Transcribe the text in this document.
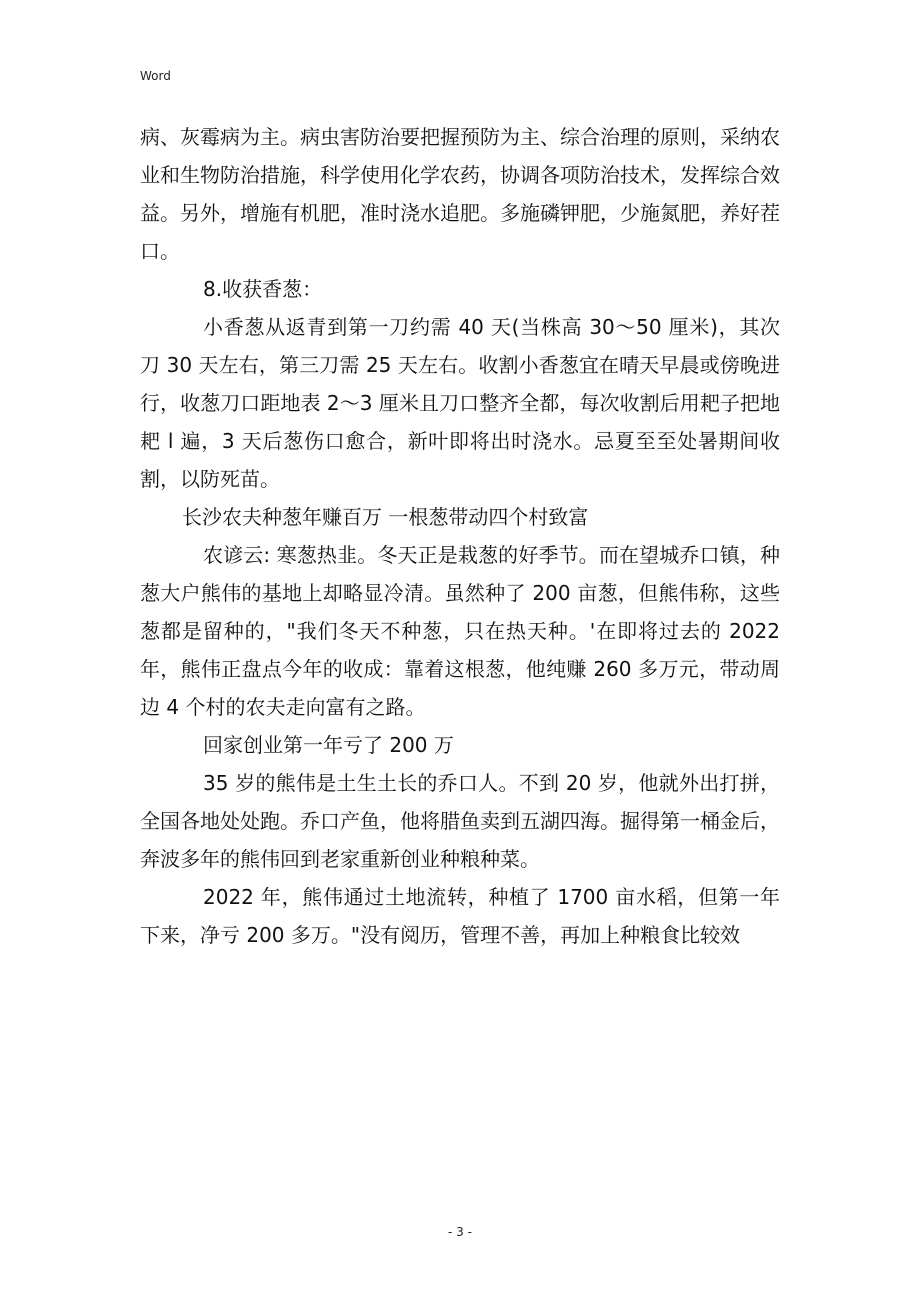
Word

病、灰霉病为主。病虫害防治要把握预防为主、综合治理的原则，采纳农业和生物防治措施，科学使用化学农药，协调各项防治技术，发挥综合效益。另外，增施有机肥，准时浇水追肥。多施磷钾肥，少施氮肥，养好茬口。

8.收获香葱：

小香葱从返青到第一刀约需 40 天(当株高 30～50 厘米)，其次刀 30 天左右，第三刀需 25 天左右。收割小香葱宜在晴天早晨或傍晚进行，收葱刀口距地表 2～3 厘米且刀口整齐全都，每次收割后用耙子把地耙 l 遍，3 天后葱伤口愈合，新叶即将出时浇水。忌夏至至处暑期间收割，以防死苗。

长沙农夫种葱年赚百万 一根葱带动四个村致富

农谚云: 寒葱热韭。冬天正是栽葱的好季节。而在望城乔口镇，种葱大户熊伟的基地上却略显冷清。虽然种了 200 亩葱，但熊伟称，这些葱都是留种的，"我们冬天不种葱，只在热天种。'在即将过去的 2022 年，熊伟正盘点今年的收成：靠着这根葱，他纯赚 260 多万元，带动周边 4 个村的农夫走向富有之路。

回家创业第一年亏了 200 万

35 岁的熊伟是土生土长的乔口人。不到 20 岁，他就外出打拼，全国各地处处跑。乔口产鱼，他将腊鱼卖到五湖四海。掘得第一桶金后，奔波多年的熊伟回到老家重新创业种粮种菜。

2022 年，熊伟通过土地流转，种植了 1700 亩水稻，但第一年下来，净亏 200 多万。"没有阅历，管理不善，再加上种粮食比较效

- 3 -
